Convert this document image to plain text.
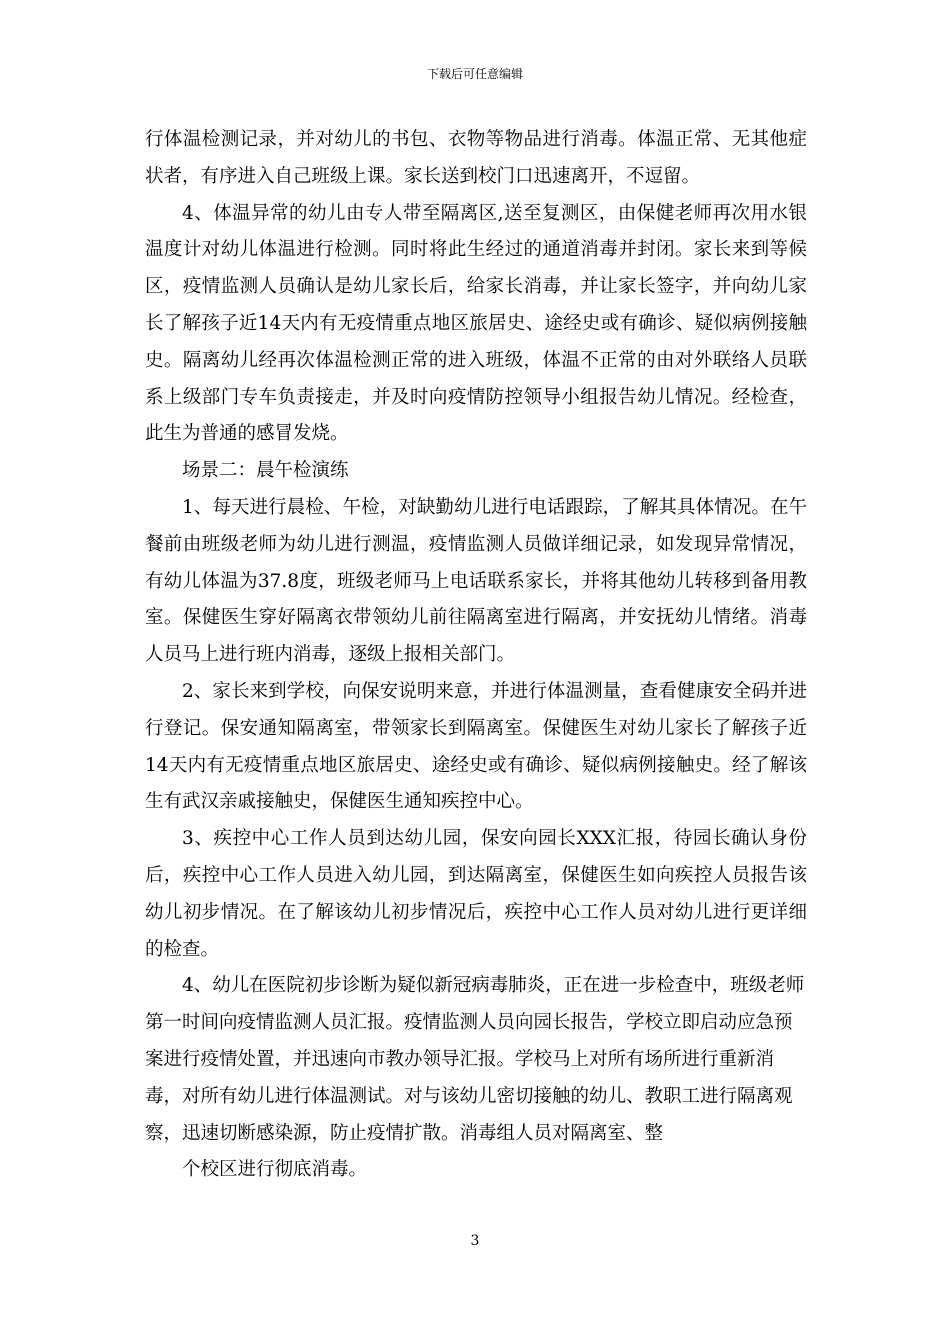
下载后可任意编辑

行体温检测记录，并对幼儿的书包、衣物等物品进行消毒。体温正常、无其他症状者，有序进入自己班级上课。家长送到校门口迅速离开，不逗留。

4、体温异常的幼儿由专人带至隔离区,送至复测区，由保健老师再次用水银温度计对幼儿体温进行检测。同时将此生经过的通道消毒并封闭。家长来到等候区，疫情监测人员确认是幼儿家长后，给家长消毒，并让家长签字，并向幼儿家长了解孩子近14天内有无疫情重点地区旅居史、途经史或有确诊、疑似病例接触史。隔离幼儿经再次体温检测正常的进入班级，体温不正常的由对外联络人员联系上级部门专车负责接走，并及时向疫情防控领导小组报告幼儿情况。经检查，此生为普通的感冒发烧。

场景二：晨午检演练

1、每天进行晨检、午检，对缺勤幼儿进行电话跟踪，了解其具体情况。在午餐前由班级老师为幼儿进行测温，疫情监测人员做详细记录，如发现异常情况，有幼儿体温为37.8度，班级老师马上电话联系家长，并将其他幼儿转移到备用教室。保健医生穿好隔离衣带领幼儿前往隔离室进行隔离，并安抚幼儿情绪。消毒人员马上进行班内消毒，逐级上报相关部门。

2、家长来到学校，向保安说明来意，并进行体温测量，查看健康安全码并进行登记。保安通知隔离室，带领家长到隔离室。保健医生对幼儿家长了解孩子近14天内有无疫情重点地区旅居史、途经史或有确诊、疑似病例接触史。经了解该生有武汉亲戚接触史，保健医生通知疾控中心。

3、疾控中心工作人员到达幼儿园，保安向园长XXX汇报，待园长确认身份后，疾控中心工作人员进入幼儿园，到达隔离室，保健医生如向疾控人员报告该幼儿初步情况。在了解该幼儿初步情况后，疾控中心工作人员对幼儿进行更详细的检查。

4、幼儿在医院初步诊断为疑似新冠病毒肺炎，正在进一步检查中，班级老师第一时间向疫情监测人员汇报。疫情监测人员向园长报告，学校立即启动应急预案进行疫情处置，并迅速向市教办领导汇报。学校马上对所有场所进行重新消毒，对所有幼儿进行体温测试。对与该幼儿密切接触的幼儿、教职工进行隔离观察，迅速切断感染源，防止疫情扩散。消毒组人员对隔离室、整

个校区进行彻底消毒。

3
